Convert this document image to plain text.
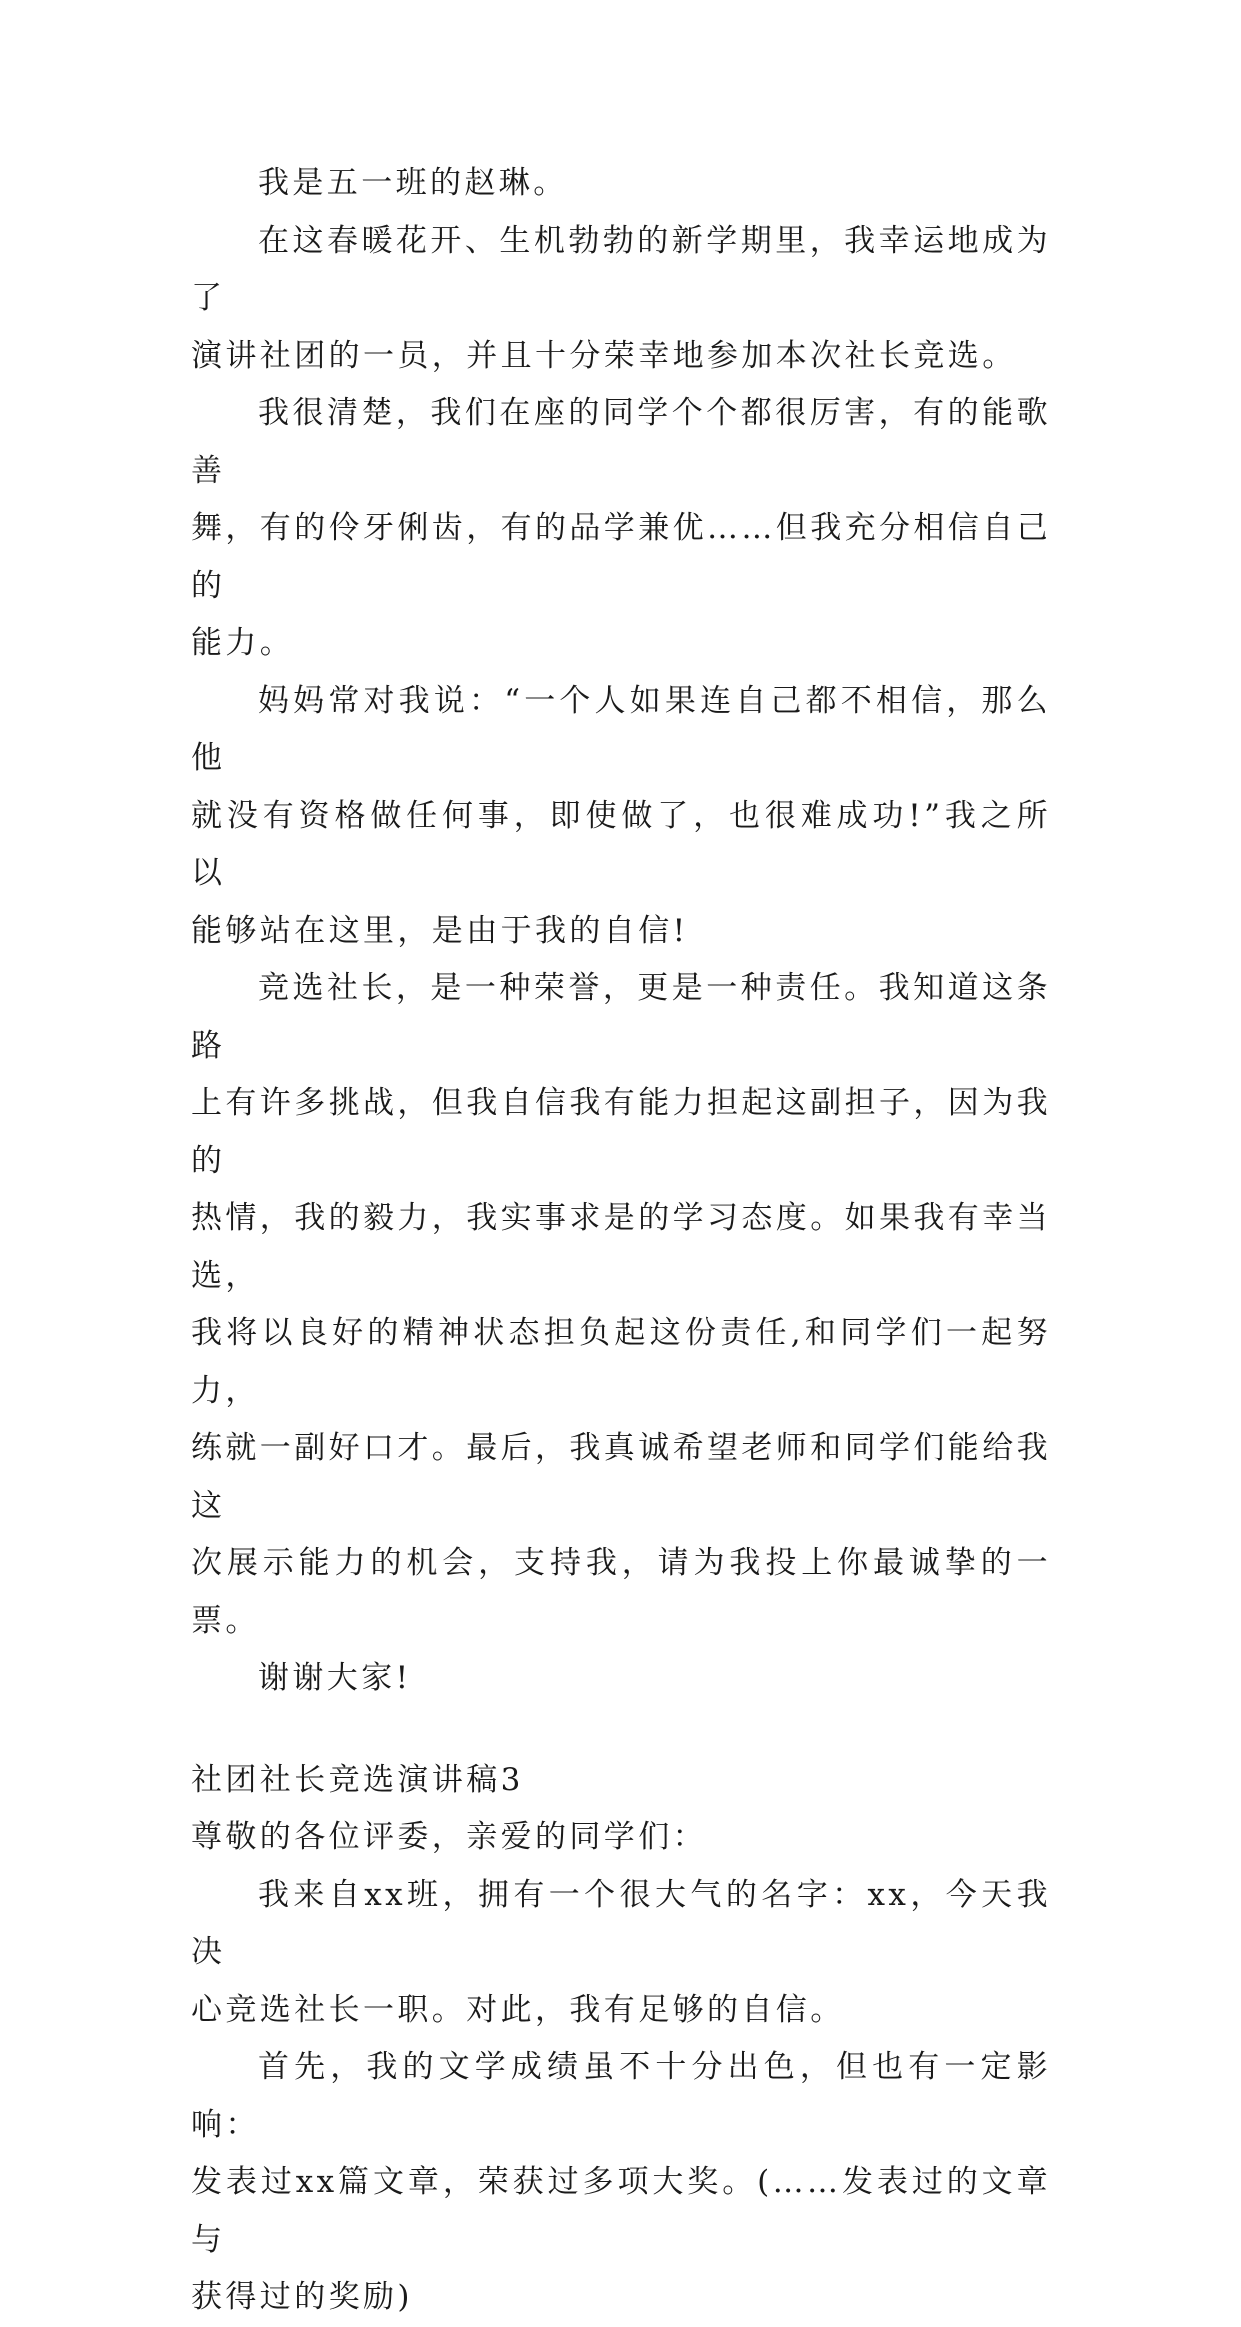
我是五一班的赵琳。

在这春暖花开、生机勃勃的新学期里，我幸运地成为了
演讲社团的一员，并且十分荣幸地参加本次社长竞选。

我很清楚，我们在座的同学个个都很厉害，有的能歌善
舞，有的伶牙俐齿，有的品学兼优……但我充分相信自己的
能力。

妈妈常对我说：“一个人如果连自己都不相信，那么他
就没有资格做任何事，即使做了，也很难成功!”我之所以
能够站在这里，是由于我的自信!

竞选社长，是一种荣誉，更是一种责任。我知道这条路
上有许多挑战，但我自信我有能力担起这副担子，因为我的
热情，我的毅力，我实事求是的学习态度。如果我有幸当选，
我将以良好的精神状态担负起这份责任,和同学们一起努力，
练就一副好口才。最后，我真诚希望老师和同学们能给我这
次展示能力的机会，支持我，请为我投上你最诚挚的一票。

谢谢大家!

社团社长竞选演讲稿3

尊敬的各位评委，亲爱的同学们：

我来自xx班，拥有一个很大气的名字：xx，今天我决
心竞选社长一职。对此，我有足够的自信。

首先，我的文学成绩虽不十分出色，但也有一定影响：
发表过xx篇文章，荣获过多项大奖。(……发表过的文章与
获得过的奖励)
